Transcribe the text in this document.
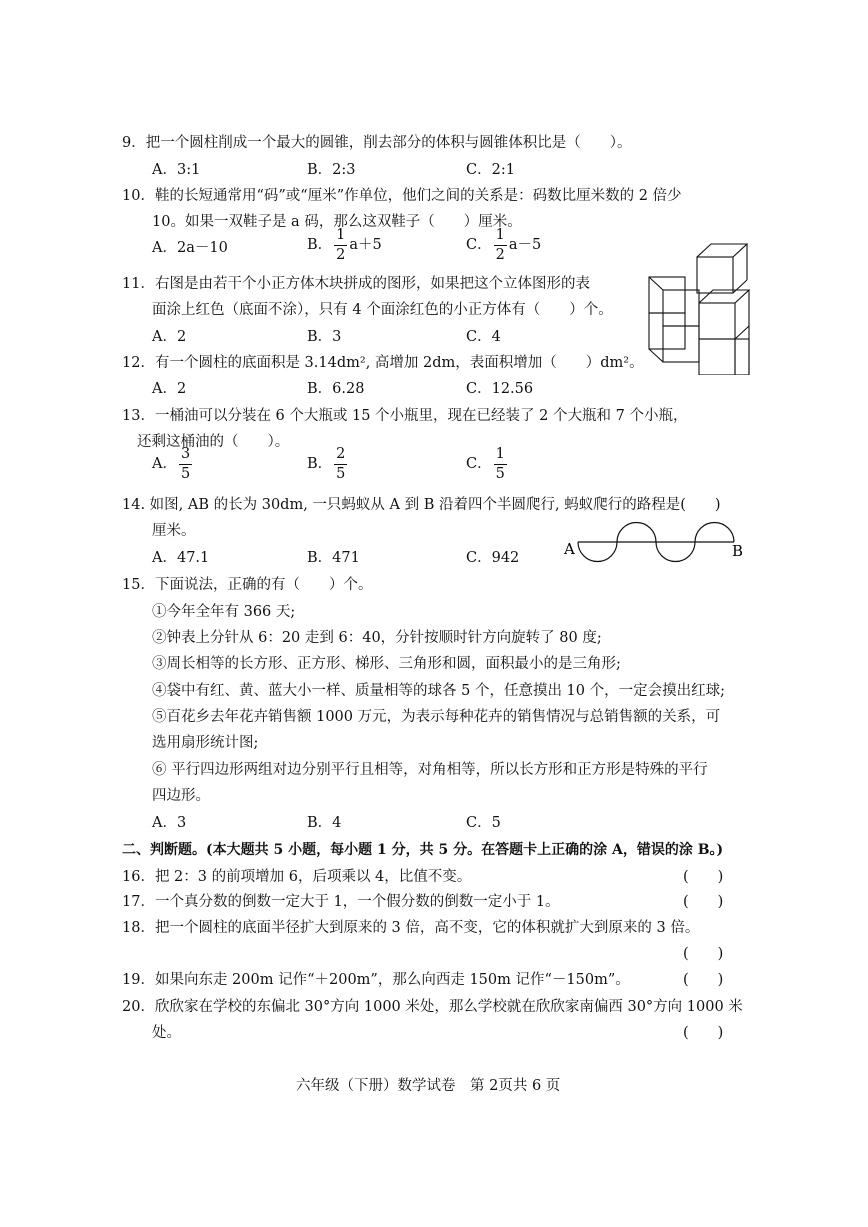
9．把一个圆柱削成一个最大的圆锥，削去部分的体积与圆锥体积比是（　　）。
A．3:1	B．2:3	C．2:1
10．鞋的长短通常用“码”或“厘米”作单位，他们之间的关系是：码数比厘米数的 2 倍少
10。如果一双鞋子是 a 码，那么这双鞋子（　　）厘米。
A．2a－10	B． $\frac{1}{2} a+5$	C． $\frac{1}{2} a-5$
11．右图是由若干个小正方体木块拼成的图形，如果把这个立体图形的表
面涂上红色（底面不涂），只有 4 个面涂红色的小正方体有（　　）个。
A．2	B．3	C．4
12．有一个圆柱的底面积是 3.14dm², 高增加 2dm，表面积增加（　　）dm²。
A．2	B．6.28	C．12.56
13．一桶油可以分装在 6 个大瓶或 15 个小瓶里，现在已经装了 2 个大瓶和 7 个小瓶，
还剩这桶油的（　　）。
A． $\frac{3}{5}$	B． $\frac{2}{5}$	C． $\frac{1}{5}$
14. 如图, AB 的长为 30dm, 一只蚂蚁从 A 到 B 沿着四个半圆爬行, 蚂蚁爬行的路程是(　　)
厘米。
A．47.1	B．471	C．942	A	B
15．下面说法，正确的有（　　）个。
①今年全年有 366 天;
②钟表上分针从 6：20 走到 6：40，分针按顺时针方向旋转了 80 度;
③周长相等的长方形、正方形、梯形、三角形和圆，面积最小的是三角形;
④袋中有红、黄、蓝大小一样、质量相等的球各 5 个，任意摸出 10 个，一定会摸出红球;
⑤百花乡去年花卉销售额 1000 万元，为表示每种花卉的销售情况与总销售额的关系，可
选用扇形统计图;
⑥ 平行四边形两组对边分别平行且相等，对角相等，所以长方形和正方形是特殊的平行
四边形。
A．3	B．4	C．5
二、判断题。(本大题共 5 小题，每小题 1 分，共 5 分。在答题卡上正确的涂 A，错误的涂 B。)
16．把 2：3 的前项增加 6，后项乘以 4，比值不变。	(　　)
17．一个真分数的倒数一定大于 1，一个假分数的倒数一定小于 1。	(　　)
18．把一个圆柱的底面半径扩大到原来的 3 倍，高不变，它的体积就扩大到原来的 3 倍。
(　　)
19．如果向东走 200m 记作“＋200m”，那么向西走 150m 记作“－150m”。	(　　)
20．欣欣家在学校的东偏北 30°方向 1000 米处，那么学校就在欣欣家南偏西 30°方向 1000 米
处。	(　　)
六年级（下册）数学试卷　第 2页共 6 页
